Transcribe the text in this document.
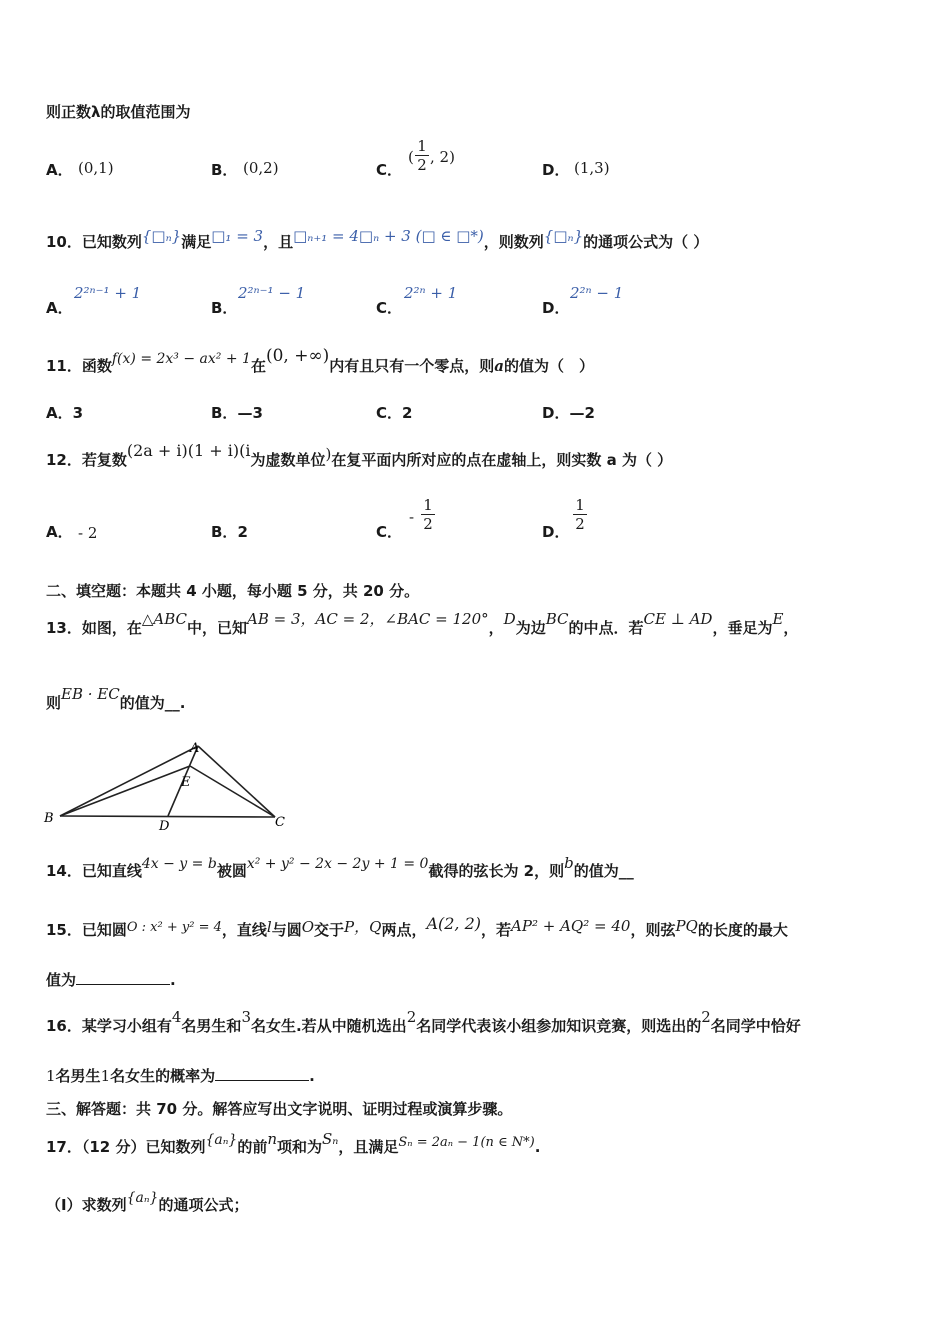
则正数λ的取值范围为
A． (0,1)	B． (0,2)	C．
( $\frac{1}{2}$ , 2)
D． (1,3)
10．已知数列{□ₙ}满足□₁ = 3，且□ₙ₊₁ = 4□ₙ + 3 (□ ∈ □*)，则数列{□ₙ}的通项公式为（ ）
A．
2²ⁿ⁻¹ + 1
B．
2²ⁿ⁻¹ − 1
C．
2²ⁿ + 1
D．
2²ⁿ − 1
11．函数f(x) = 2x³ − ax² + 1在(0, +∞)内有且只有一个零点，则a的值为（　）
A．3	B．—3	C．2	D．—2
12．若复数(2a + i)(1 + i)(i为虚数单位)在复平面内所对应的点在虚轴上，则实数 a 为（ ）
A． - 2	B．2	C．
- $\frac{1}{2}$	D． $\frac{1}{2}$
二、填空题：本题共 4 小题，每小题 5 分，共 20 分。
13．如图，在△ABC中，已知AB = 3，AC = 2，∠BAC = 120°，D为边BC的中点．若CE ⊥ AD，垂足为E，
则EB · EC的值为__.
A
B	C
D
E
14．已知直线4x − y = b被圆x² + y² − 2x − 2y + 1 = 0截得的弦长为 2，则b的值为__
15．已知圆O : x² + y² = 4，直线l与圆O交于P，Q两点，A(2, 2)，若AP² + AQ² = 40，则弦PQ的长度的最大
值为	.
16．某学习小组有4名男生和3名女生.若从中随机选出2名同学代表该小组参加知识竞赛，则选出的2名同学中恰好
1名男生1名女生的概率为	.
三、解答题：共 70 分。解答应写出文字说明、证明过程或演算步骤。
17．（12 分）已知数列{aₙ}的前n项和为Sₙ，且满足Sₙ = 2aₙ − 1(n ∈ N*).
（Ⅰ）求数列{aₙ}的通项公式；
